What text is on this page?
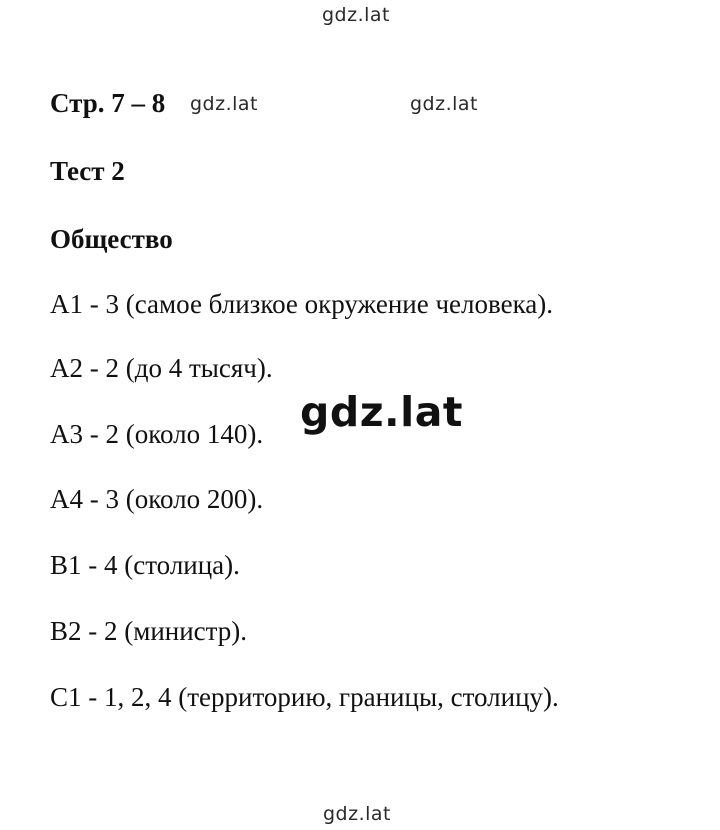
gdz.lat
Стр. 7 – 8 gdz.lat	gdz.lat
Тест 2
Общество
А1 - 3 (самое близкое окружение человека).
А2 - 2 (до 4 тысяч).
А3 - 2 (около 140). gdz.lat
А4 - 3 (около 200).
В1 - 4 (столица).
В2 - 2 (министр).
С1 - 1, 2, 4 (территорию, границы, столицу).
gdz.lat
